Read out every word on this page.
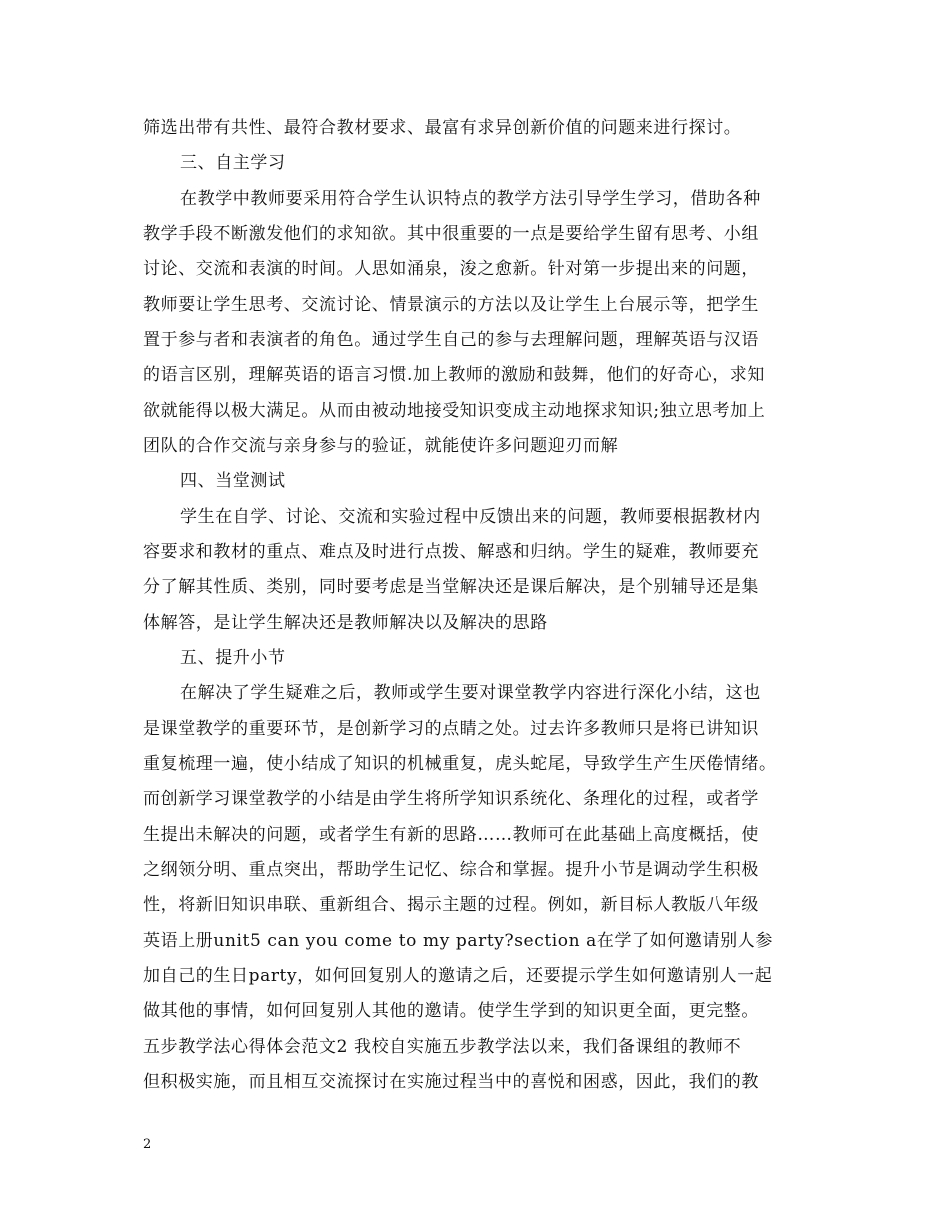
筛选出带有共性、最符合教材要求、最富有求异创新价值的问题来进行探讨。
三、自主学习
在教学中教师要采用符合学生认识特点的教学方法引导学生学习，借助各种
教学手段不断激发他们的求知欲。其中很重要的一点是要给学生留有思考、小组
讨论、交流和表演的时间。人思如涌泉，浚之愈新。针对第一步提出来的问题，
教师要让学生思考、交流讨论、情景演示的方法以及让学生上台展示等，把学生
置于参与者和表演者的角色。通过学生自己的参与去理解问题，理解英语与汉语
的语言区别，理解英语的语言习惯.加上教师的激励和鼓舞，他们的好奇心，求知
欲就能得以极大满足。从而由被动地接受知识变成主动地探求知识;独立思考加上
团队的合作交流与亲身参与的验证，就能使许多问题迎刃而解
四、当堂测试
学生在自学、讨论、交流和实验过程中反馈出来的问题，教师要根据教材内
容要求和教材的重点、难点及时进行点拨、解惑和归纳。学生的疑难，教师要充
分了解其性质、类别，同时要考虑是当堂解决还是课后解决，是个别辅导还是集
体解答，是让学生解决还是教师解决以及解决的思路
五、提升小节
在解决了学生疑难之后，教师或学生要对课堂教学内容进行深化小结，这也
是课堂教学的重要环节，是创新学习的点睛之处。过去许多教师只是将已讲知识
重复梳理一遍，使小结成了知识的机械重复，虎头蛇尾，导致学生产生厌倦情绪。
而创新学习课堂教学的小结是由学生将所学知识系统化、条理化的过程，或者学
生提出未解决的问题，或者学生有新的思路……教师可在此基础上高度概括，使
之纲领分明、重点突出，帮助学生记忆、综合和掌握。提升小节是调动学生积极
性，将新旧知识串联、重新组合、揭示主题的过程。例如，新目标人教版八年级
英语上册unit5 can you come to my party?section a在学了如何邀请别人参
加自己的生日party，如何回复别人的邀请之后，还要提示学生如何邀请别人一起
做其他的事情，如何回复别人其他的邀请。使学生学到的知识更全面，更完整。
五步教学法心得体会范文2 我校自实施五步教学法以来，我们备课组的教师不
但积极实施，而且相互交流探讨在实施过程当中的喜悦和困惑，因此，我们的教
2
